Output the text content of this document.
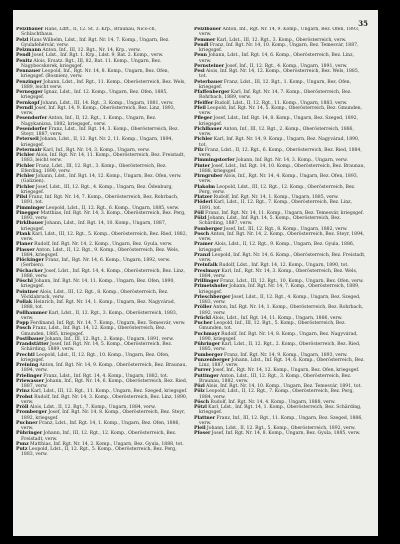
35
Pelzlbauer Hans, Ldft., II, 12. St. 3. Krp., Braunau, Nico-ch, Schlachthaus.
Pelzl Hans Wilhelm, Ldst., Inf. Rgt. Nr. 14, 7. Komp., Ungarn, Bez. Gyulafehérvár, verw.
Pelzmann Anton, Inf., III, 12. Rgt., Nr. 14, Krp., verw.
Pendl Josef, Ldst., Inf. Rgt. 1. Krp., Ldst. 9, Bat. 2. Komp., verw.
Penitz Alois, Ersatz. Rgt., III, 82, Bat. 11. Komp., Ungarn, Bez. Nagybecskerek, kriegsgef.
Pennauer Leopold, Inf., Rgt. Nr. 14, 8. Komp., Ungarn, Bez. Ofen, kriegsgef. (Bosnien), verw.
Penzinger Johann, Ldst., Inf. Rgt., 11. Komp., Oberösterreich, Bez. Wels, 1889, leicht verw.
Pernegger Ignaz, Ldst., Inf. 12. Komp., Ungarn, Bez. Ofen, 1885, kriegsgef.
Pernkopf Johann, Ldst., III, 14. Rgt., 3. Komp., Ungarn, 1881, verw.
Perndl Josef, Inf. Rgt. 14, 9. Komp., Oberösterreich, Bez. Linz, 1893, verw.
Pesendorfer Anton, Inf., II, 12. Rgt., 1. Komp., Ungarn, Bez. Nagykanizsa, 1882, kriegsgef., verw.
Pesendorfer Franz, Ldst., Inf. Rgt. 14, 3. Komp., Oberösterreich, Bez. Steyr, 1887, verw.
Peterseil Johann, Ldst., II, 12. Rgt. Nr. 2, 11. Komp., Ungarn, 1894, kriegsgef.
Petermair Karl, Inf., Rgt. Nr. 14, 3. Komp., Ungarn, verw.
Pichler Alois, Inf. Rgt. Nr. 14, 11. Komp., Oberösterreich, Bez. Freistadt, 1883, leicht verw.
Pichler Franz, Ldst., III, 12. Rgt., 3. Komp., Oberösterreich, Bez. Eferding, 1890, verw.
Pichler Johann, Ldst., Inf. Rgt. 14, 12. Komp., Ungarn, Bez. Ofen, verw. (Galizien).
Pichler Josef, Ldst., III, 12. Rgt., 4. Komp., Ungarn, Bez. Ödenburg, kriegsgef.
Pilsl Franz, Inf. Rgt. Nr. 14, 7. Komp., Oberösterreich, Bez. Rohrbach, 1891, tot.
Pimminger Leopold, Ldst., II, 12. Rgt., 6. Komp., Ungarn, 1885, verw.
Pinegger Matthias, Inf. Rgt. Nr. 14, 3. Komp., Oberösterreich, Bez. Perg, 1893, verw.
Pirklbauer Johann, Ldst., Inf. Rgt. 14, 10. Komp., Ungarn, 1887, kriegsgef.
Plank Karl, Ldst., III, 12. Rgt., 5. Komp., Oberösterreich, Bez. Ried, 1882, verw.
Planer Rudolf, Inf. Rgt. Nr. 14, 2. Komp., Ungarn, Bez. Gyula, verw.
Plasser Anton, Ldst., II, 12. Rgt., 9. Komp., Oberösterreich, Bez. Wels, 1884, kriegsgef.
Plöckinger Franz, Inf., Rgt. Nr. 14, 6. Komp., Ungarn, 1892, verw. (Serbien).
Pöchacker Josef, Ldst., Inf. Rgt. 14, 4. Komp., Oberösterreich, Bez. Linz, 1886, verw.
Pöschl Johann, Inf. Rgt. Nr. 14, 11. Komp., Ungarn, Bez. Ofen, 1890, kriegsgef.
Pointner Alois, Ldst., III, 12. Rgt., 8. Komp., Oberösterreich, Bez. Vöcklabruck, verw.
Pollak Heinrich, Inf. Rgt. Nr. 14, 1. Komp., Ungarn, Bez. Nagyvárad, 1888, tot.
Pollhammer Karl, Ldst., II, 12. Rgt., 3. Komp., Oberösterreich, 1883, verw.
Popp Ferdinand, Inf. Rgt. Nr. 14, 7. Komp., Ungarn, Bez. Temesvár, verw.
Posch Franz, Ldst., Inf. Rgt. 14, 12. Komp., Oberösterreich, Bez. Gmunden, 1885, kriegsgef.
Postlbauer Johann, Inf., III, 12. Rgt., 2. Komp., Ungarn, 1891, verw.
Prandstätter Josef, Inf. Rgt. Nr. 14, 5. Komp., Oberösterreich, Bez. Schärding, 1889, verw.
Prechtl Leopold, Ldst., II, 12. Rgt., 10. Komp., Ungarn, Bez. Ofen, kriegsgef.
Preining Anton, Inf. Rgt. Nr. 14, 9. Komp., Oberösterreich, Bez. Braunau, 1894, verw.
Prielinger Franz, Ldst., Inf. Rgt. 14, 4. Komp., Ungarn, 1882, tot.
Priewasser Johann, Inf., Rgt. Nr. 14, 6. Komp., Oberösterreich, Bez. Ried, 1887, verw.
Prinz Karl, Ldst., III, 12. Rgt., 11. Komp., Ungarn, Bez. Szeged, kriegsgef.
Probst Rudolf, Inf. Rgt. Nr. 14, 3. Komp., Oberösterreich, Bez. Linz, 1890, verw.
Pröll Alois, Ldst., II, 12. Rgt., 7. Komp., Ungarn, 1884, verw.
Promberger Josef, Inf. Rgt. Nr. 14, 8. Komp., Oberösterreich, Bez. Steyr, 1892, kriegsgef.
Puchner Franz, Ldst., Inf. Rgt. 14, 1. Komp., Ungarn, Bez. Ofen, 1886, verw.
Pühringer Johann, Inf., III, 12. Rgt., 12. Komp., Oberösterreich, Bez. Freistadt, verw.
Punz Matthias, Inf. Rgt. Nr. 14, 2. Komp., Ungarn, Bez. Gyula, 1888, tot.
Putz Leopold, Ldst., II, 12. Rgt., 5. Komp., Oberösterreich, Bez. Perg, 1883, verw.
Pelzlbauer Anton, Inf., Rgt. Nr. 14, 9. Komp., Ungarn, Bez. Ofen, 1893, verw.
Pemmer Karl, Ldst., III, 12. Rgt., 3. Komp., Oberösterreich, verw.
Pendl Franz, Inf. Rgt. Nr. 14, 10. Komp., Ungarn, Bez. Temesvár, 1887, kriegsgef.
Penn Johann, Ldst., Inf. Rgt. 14, 6. Komp., Oberösterreich, Bez. Linz, verw.
Pernsteiner Josef, Inf., II, 12. Rgt., 4. Komp., Ungarn, 1891, verw.
Pesl Alois, Inf. Rgt. Nr. 14, 12. Komp., Oberösterreich, Bez. Wels, 1885, tot.
Peterbauer Franz, Ldst., III, 12. Rgt., 1. Komp., Ungarn, Bez. Ofen, kriegsgef.
Pfaffenberger Karl, Inf. Rgt. Nr. 14, 7. Komp., Oberösterreich, Bez. Rohrbach, 1889, verw.
Pfeiffer Rudolf, Ldst., II, 12. Rgt., 11. Komp., Ungarn, 1883, verw.
Pfeil Leopold, Inf. Rgt. Nr. 14, 5. Komp., Oberösterreich, Bez. Gmunden, verw.
Pfleger Josef, Ldst., Inf. Rgt. 14, 8. Komp., Ungarn, Bez. Szeged, 1892, kriegsgef.
Pichlbauer Anton, Inf., III, 12. Rgt., 2. Komp., Oberösterreich, 1886, verw.
Pichler Karl, Inf. Rgt. Nr. 14, 9. Komp., Ungarn, Bez. Nagyvárad, 1890, tot.
Pilz Franz, Ldst., II, 12. Rgt., 6. Komp., Oberösterreich, Bez. Ried, 1884, verw.
Pimmingstorfer Johann, Inf. Rgt. Nr. 14, 3. Komp., Ungarn, verw.
Pinter Josef, Ldst., Inf. Rgt. 14, 10. Komp., Oberösterreich, Bez. Braunau, 1888, kriegsgef.
Pirngruber Alois, Inf., Rgt. Nr. 14, 4. Komp., Ungarn, Bez. Ofen, 1893, verw.
Plakolm Leopold, Ldst., III, 12. Rgt., 12. Komp., Oberösterreich, Bez. Perg, verw.
Platzer Rudolf, Inf. Rgt. Nr. 14, 1. Komp., Ungarn, 1885, verw.
Plöderl Karl, Ldst., II, 12. Rgt., 7. Komp., Oberösterreich, Bez. Linz, 1891, tot.
Pöll Franz, Inf. Rgt. Nr. 14, 11. Komp., Ungarn, Bez. Temesvár, kriegsgef.
Pölzl Johann, Ldst., Inf. Rgt. 14, 5. Komp., Oberösterreich, Bez. Schärding, 1887, verw.
Pomberger Josef, Inf., III, 12. Rgt., 8. Komp., Ungarn, 1882, verw.
Posch Anton, Inf. Rgt. Nr. 14, 2. Komp., Oberösterreich, Bez. Steyr, 1894, verw.
Pramer Alois, Ldst., II, 12. Rgt., 9. Komp., Ungarn, Bez. Gyula, 1886, kriegsgef.
Pranzl Leopold, Inf. Rgt. Nr. 14, 6. Komp., Oberösterreich, Bez. Freistadt, verw.
Preinfalk Rudolf, Ldst., Inf. Rgt. 14, 12. Komp., Ungarn, 1890, tot.
Preslmayr Karl, Inf., Rgt. Nr. 14, 3. Komp., Oberösterreich, Bez. Wels, 1884, verw.
Prillinger Franz, Ldst., III, 12. Rgt., 10. Komp., Ungarn, Bez. Ofen, verw.
Primetshofer Johann, Inf. Rgt. Nr. 14, 7. Komp., Oberösterreich, 1889, kriegsgef.
Prleschberger Josef, Ldst., II, 12. Rgt., 4. Komp., Ungarn, Bez. Szeged, 1883, verw.
Pröller Anton, Inf. Rgt. Nr. 14, 1. Komp., Oberösterreich, Bez. Rohrbach, 1892, verw.
Prückl Alois, Ldst., Inf. Rgt. 14, 11. Komp., Ungarn, 1886, verw.
Pucher Leopold, Inf., III, 12. Rgt., 5. Komp., Oberösterreich, Bez. Gmunden, tot.
Puchmayr Rudolf, Inf. Rgt. Nr. 14, 8. Komp., Ungarn, Bez. Nagyvárad, 1890, kriegsgef.
Pühringer Karl, Ldst., II, 12. Rgt., 2. Komp., Oberösterreich, Bez. Ried, 1885, verw.
Pumberger Franz, Inf. Rgt. Nr. 14, 9. Komp., Ungarn, 1893, verw.
Punzenberger Johann, Ldst., Inf. Rgt. 14, 6. Komp., Oberösterreich, Bez. Linz, 1887, verw.
Purrer Josef, Inf., Rgt. Nr. 14, 12. Komp., Ungarn, Bez. Ofen, kriegsgef.
Puttinger Anton, Ldst., III, 12. Rgt., 3. Komp., Oberösterreich, Bez. Braunau, 1882, verw.
Pözl Alois, Inf. Rgt. Nr. 14, 10. Komp., Ungarn, Bez. Temesvár, 1891, tot.
Pölz Leopold, Ldst., II, 12. Rgt., 7. Komp., Oberösterreich, Bez. Perg, 1884, verw.
Pösch Rudolf, Inf. Rgt. Nr. 14, 4. Komp., Ungarn, 1888, verw.
Pötzl Karl, Ldst., Inf. Rgt. 14, 1. Komp., Oberösterreich, Bez. Schärding, kriegsgef.
Plattner Franz, Inf., III, 12. Rgt., 11. Komp., Ungarn, Bez. Szeged, 1886, verw.
Pleil Johann, Ldst., II, 12. Rgt., 5. Komp., Oberösterreich, 1892, verw.
Pfoser Josef, Inf. Rgt. Nr. 14, 8. Komp., Ungarn, Bez. Gyula, 1885, verw.
